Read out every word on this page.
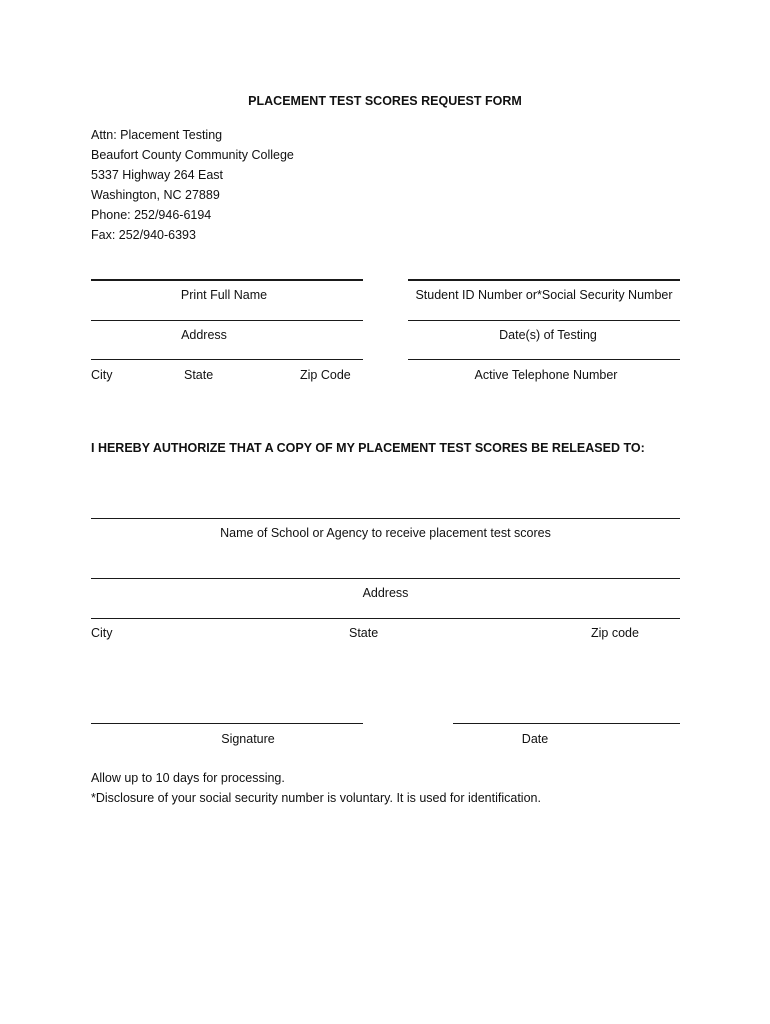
PLACEMENT TEST SCORES REQUEST FORM
Attn: Placement Testing
Beaufort County Community College
5337 Highway 264 East
Washington, NC 27889
Phone: 252/946-6194
Fax: 252/940-6393
Print Full Name	Student ID Number or*Social Security Number
Address	Date(s) of Testing
City	State	Zip Code	Active Telephone Number
I HEREBY AUTHORIZE THAT A COPY OF MY PLACEMENT TEST SCORES BE RELEASED TO:
Name of School or Agency to receive placement test scores
Address
City	State	Zip code
Signature	Date
Allow up to 10 days for processing.
*Disclosure of your social security number is voluntary. It is used for identification.
